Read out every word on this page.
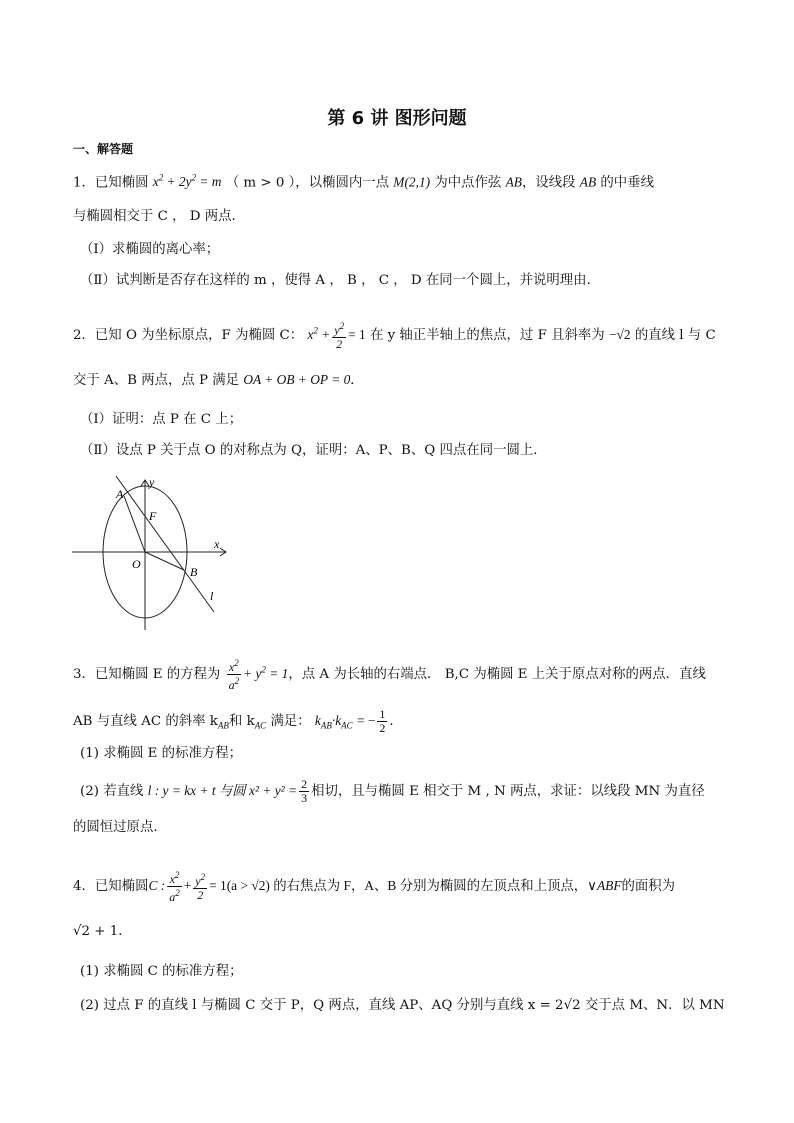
第 6 讲 图形问题
一、解答题
1．已知椭圆 $x^2 + 2y^2 = m$ （ m > 0 ），以椭圆内一点 M(2,1) 为中点作弦 AB，设线段 AB 的中垂线
与椭圆相交于 C ， D 两点．
（Ⅰ）求椭圆的离心率；
（Ⅱ）试判断是否存在这样的 m ，使得 A ， B ， C ， D 在同一个圆上，并说明理由．
2．已知 O 为坐标原点，F 为椭圆 C： $x^2 + \frac{y^2}{2} = 1$ 在 y 轴正半轴上的焦点，过 F 且斜率为 −√2 的直线 l 与 C
交于 A、B 两点，点 P 满足 OA + OB + OP = 0．
（Ⅰ）证明：点 P 在 C 上；
（Ⅱ）设点 P 关于点 O 的对称点为 Q，证明：A、P、B、Q 四点在同一圆上．
A
y
F
x
O
B
l
3．已知椭圆 E 的方程为 $\frac{x^2}{a^2} + y^2 = 1$，点 A 为长轴的右端点． B,C 为椭圆 E 上关于原点对称的两点．直线
AB 与直线 AC 的斜率 $k_{AB}$和 $k_{AC}$ 满足： $k_{AB}\cdot k_{AC}$ = − $\frac{1}{2}$ ．
(1) 求椭圆 E 的标准方程；
(2) 若直线 l : y = kx + t 与圆 $x^2 + y^2 = \frac{2}{3}$ 相切，且与椭圆 E 相交于 M , N 两点，求证：以线段 MN 为直径
的圆恒过原点．
4．已知椭圆C : $\frac{x^2}{a^2} + \frac{y^2}{2} = 1(a > √2)$ 的右焦点为 F，A、B 分别为椭圆的左顶点和上顶点，∨ABF的面积为
√2 + 1．
(1) 求椭圆 C 的标准方程；
(2) 过点 F 的直线 l 与椭圆 C 交于 P，Q 两点，直线 AP、AQ 分别与直线 x = 2√2 交于点 M、N．以 MN
